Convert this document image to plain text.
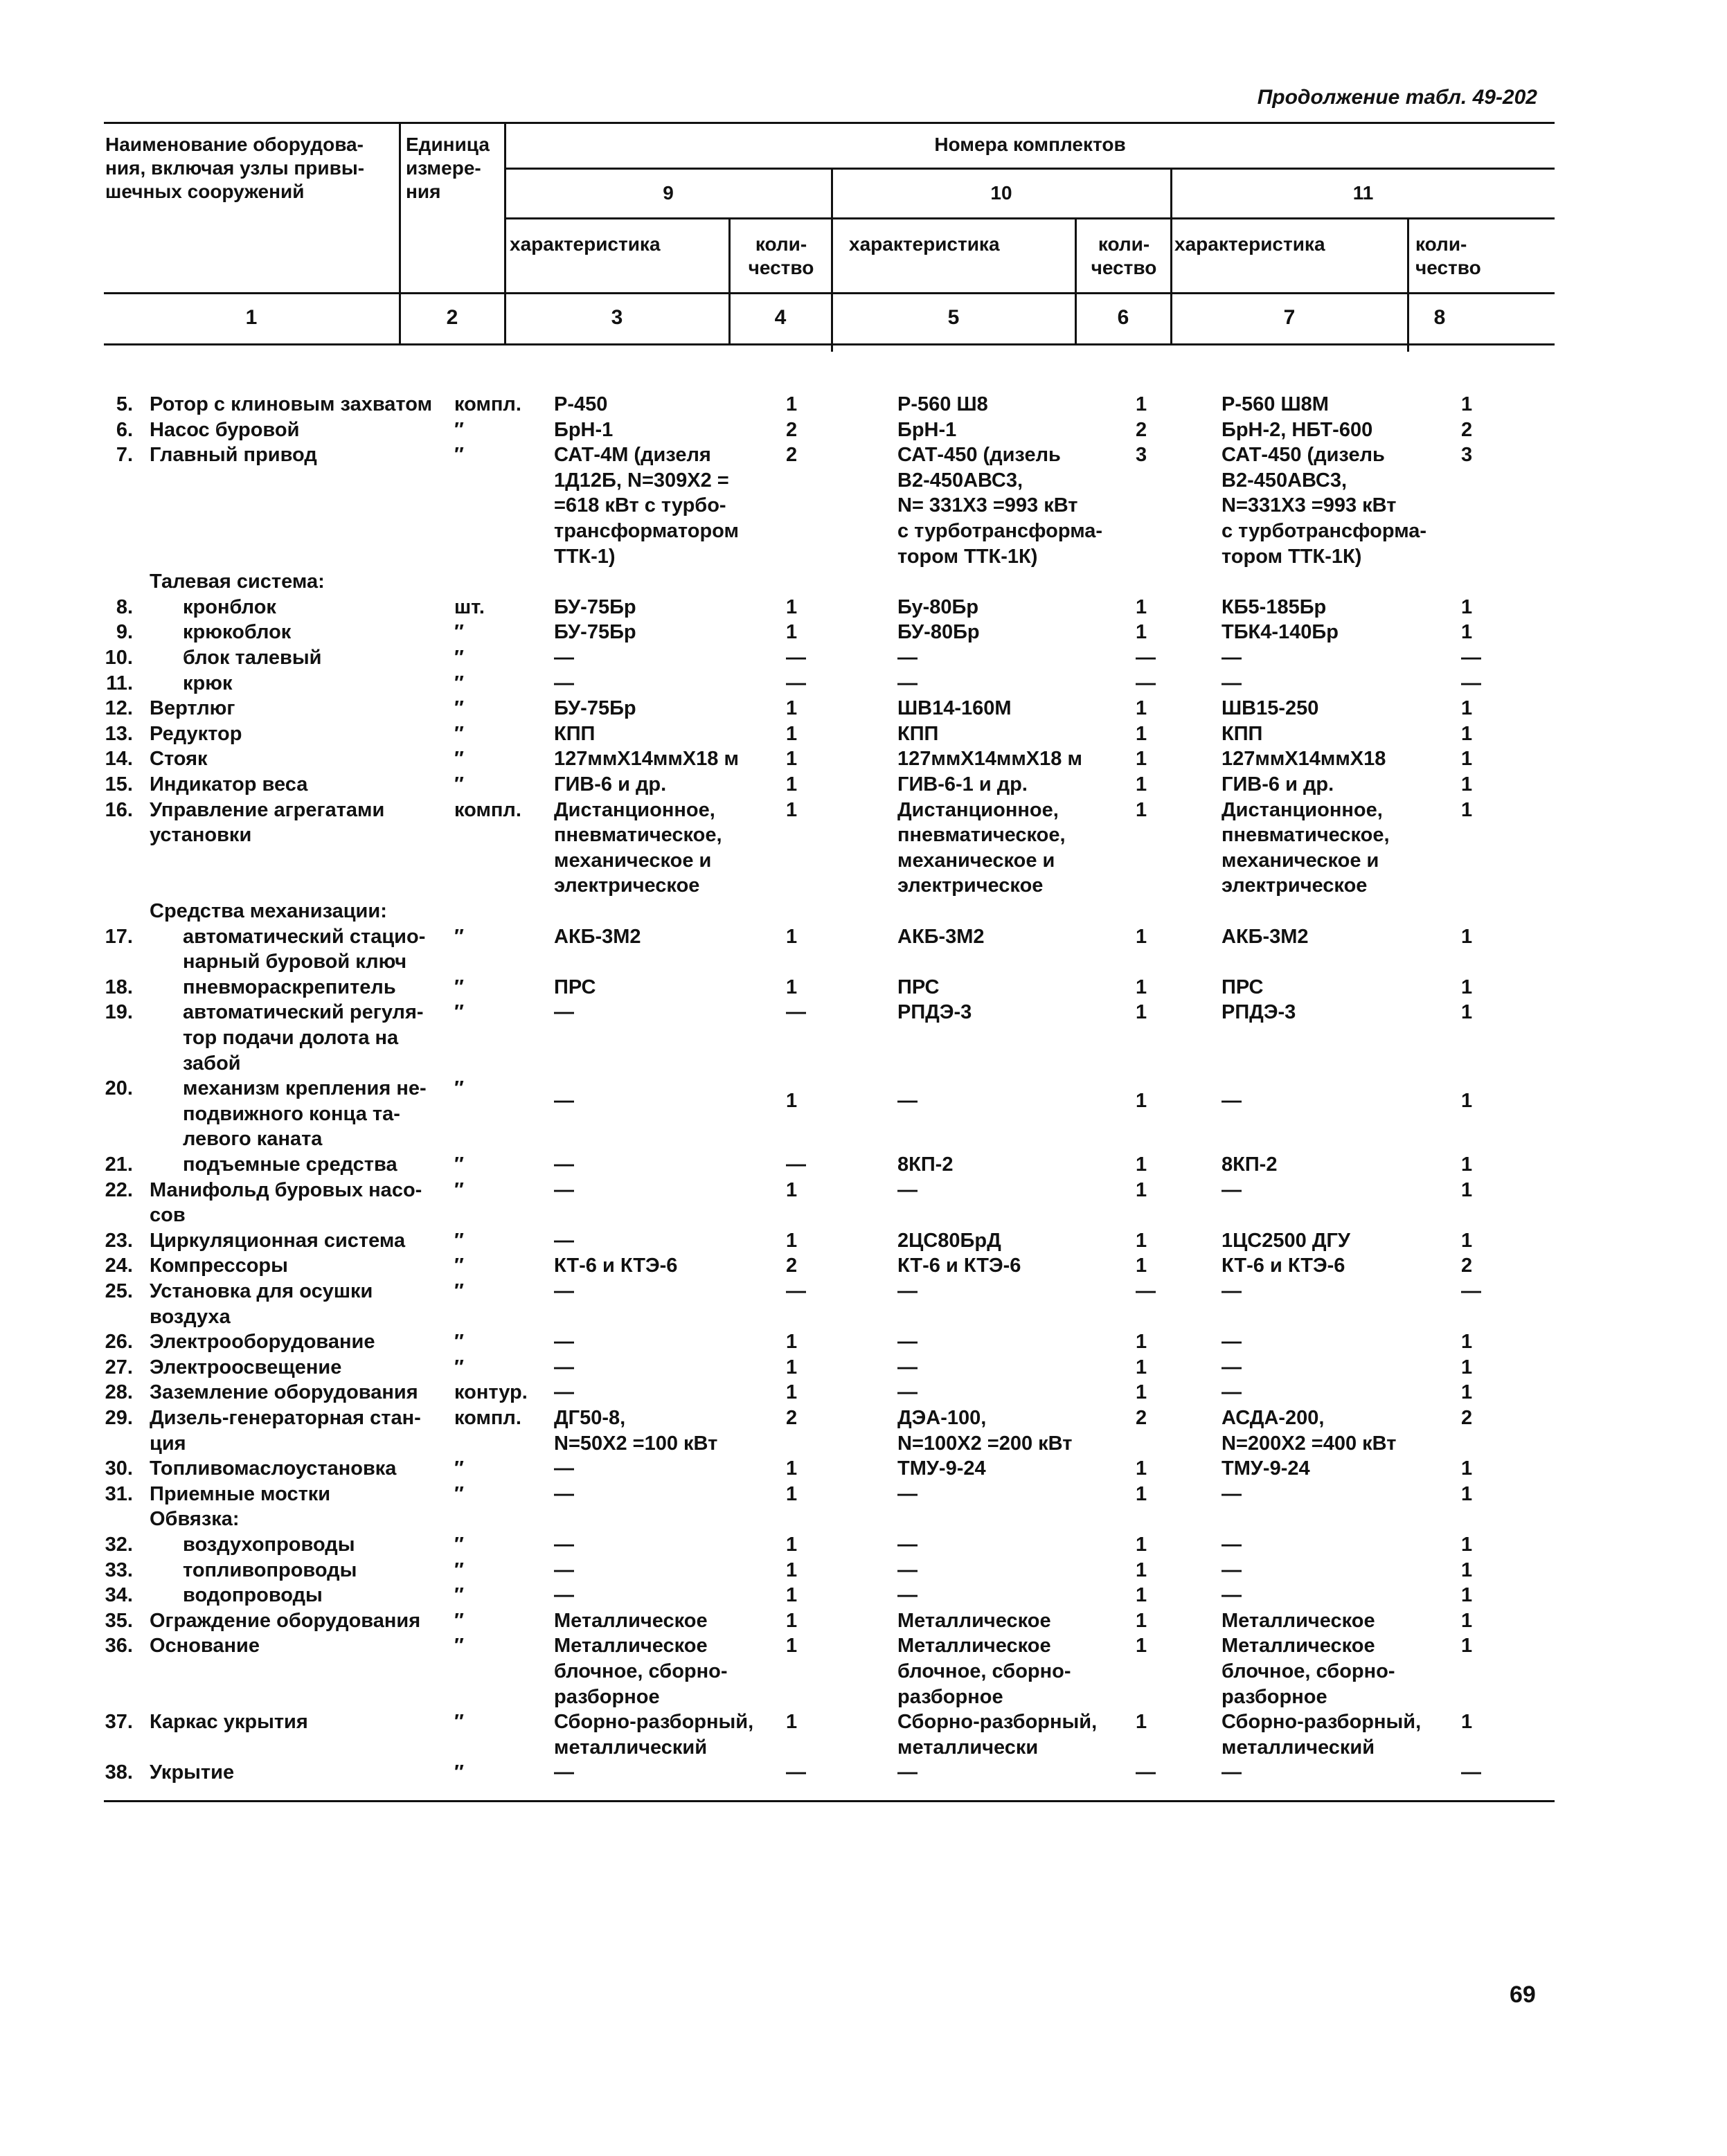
Продолжение табл. 49-202
Наименование оборудова-
ния, включая узлы привы-
шечных сооружений
Единица
измере-
ния
Номера комплектов
9	10	11
характеристика	коли-
чество
характеристика	коли-
чество
характеристика	коли-
чество
1	2	3	4	5	6	7	8
5. Ротор с клиновым захватом	компл.	Р-450	1	Р-560 Ш8	1	Р-560 Ш8М	1
6. Насос буровой	″	БрН-1	2	БрН-1	2	БрН-2, НБТ-600	2
7. Главный привод	″	САТ-4М (дизеля
1Д12Б, N=309Х2 =
=618 кВт с турбо-
трансформатором
ТТК-1)
2	САТ-450 (дизель
В2-450АВС3,
N= 331Х3 =993 кВт
с турботрансформа-
тором ТТК-1К)
3	САТ-450 (дизель
В2-450АВС3,
N=331Х3 =993 кВт
с турботрансформа-
тором ТТК-1К)
3
Талевая система:
8. кронблок	шт.	БУ-75Бр	1	Бу-80Бр	1	КБ5-185Бр	1
9. крюкоблок	″	БУ-75Бр	1	БУ-80Бр	1	ТБК4-140Бр	1
10. блок талевый	″	—	—	—	—	—	—
11. крюк	″	—	—	—	—	—	—
12. Вертлюг	″	БУ-75Бр	1	ШВ14-160М	1	ШВ15-250	1
13. Редуктор	″	КПП	1	КПП	1	КПП	1
14. Стояк	″	127ммХ14ммХ18 м	1	127ммХ14ммХ18 м	1	127ммХ14ммХ18	1
15. Индикатор веса	″	ГИВ-6 и др.	1	ГИВ-6-1 и др.	1	ГИВ-6 и др.	1
16. Управление агрегатами
установки
компл.	Дистанционное,
пневматическое,
механическое и
электрическое
1	Дистанционное,
пневматическое,
механическое и
электрическое
1	Дистанционное,
пневматическое,
механическое и
электрическое
1
Средства механизации:
17. автоматический стацио-
нарный буровой ключ
″	АКБ-3М2	1	АКБ-3М2	1	АКБ-3М2	1
18. пневмораскрепитель	″	ПРС	1	ПРС	1	ПРС	1
19. автоматический регуля-
тор подачи долота на
забой
″	—	—	РПДЭ-3	1	РПДЭ-3	1
20. механизм крепления не-
подвижного конца та-
левого каната
″
—	1	—	1	—	1
21. подъемные средства	″	—	—	8КП-2	1	8КП-2	1
22. Манифольд буровых насо-
сов
″	—	1	—	1	—	1
23. Циркуляционная система	″	—	1	2ЦС80БрД	1	1ЦС2500 ДГУ	1
24. Компрессоры	″	КТ-6 и КТЭ-6	2	КТ-6 и КТЭ-6	1	КТ-6 и КТЭ-6	2
25. Установка для осушки
воздуха
″	—	—	—	—	—	—
26. Электрооборудование	″	—	1	—	1	—	1
27. Электроосвещение	″	—	1	—	1	—	1
28. Заземление оборудования	контур.	—	1	—	1	—	1
29. Дизель-генераторная стан-
ция
компл.	ДГ50-8,
N=50Х2 =100 кВт
2	ДЭА-100,
N=100Х2 =200 кВт
2	АСДА-200,
N=200Х2 =400 кВт
2
30. Топливомаслоустановка	″	—	1	ТМУ-9-24	1	ТМУ-9-24	1
31. Приемные мостки	″	—	1	—	1	—	1
Обвязка:
32. воздухопроводы	″	—	1	—	1	—	1
33. топливопроводы	″	—	1	—	1	—	1
34. водопроводы	″	—	1	—	1	—	1
35. Ограждение оборудования	″	Металлическое	1	Металлическое	1	Металлическое	1
36. Основание	″	Металлическое
блочное, сборно-
разборное
1	Металлическое
блочное, сборно-
разборное
1	Металлическое
блочное, сборно-
разборное
1
37. Каркас укрытия	″	Сборно-разборный,
металлический
1	Сборно-разборный,
металлически
1	Сборно-разборный,
металлический
1
38. Укрытие	″	—	—	—	—	—	—
69
